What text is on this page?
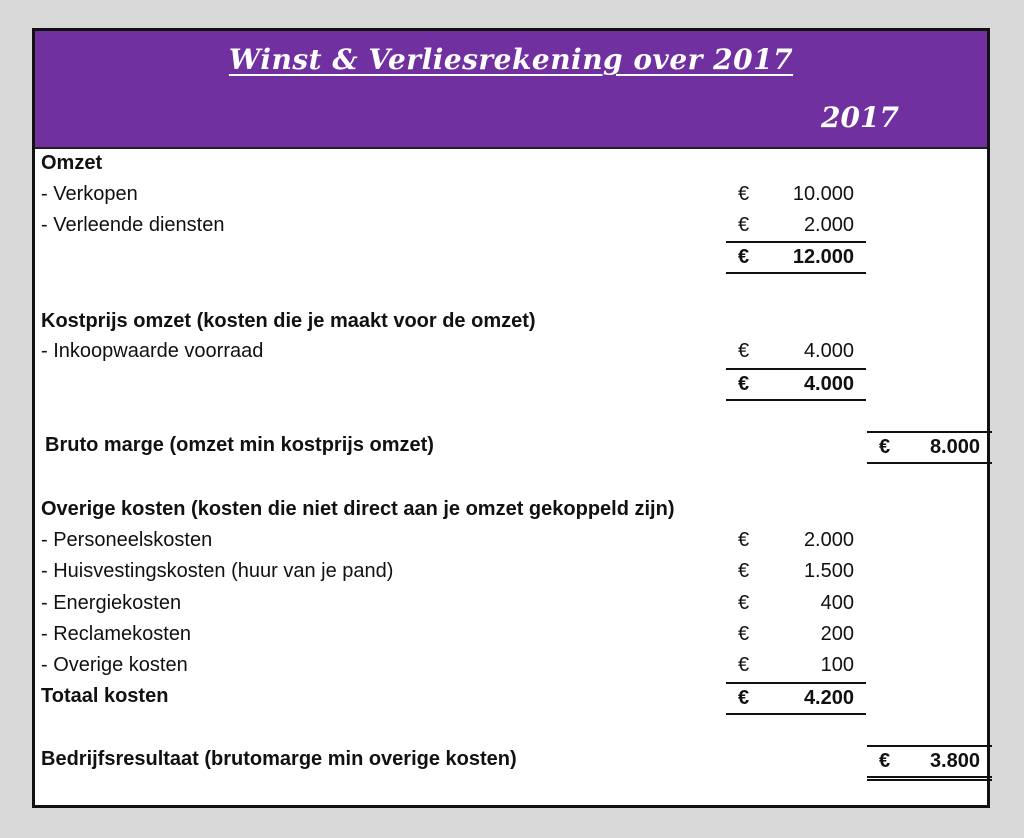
Winst & Verliesrekening over 2017
2017
Omzet
- Verkopen	€ 10.000
- Verleende diensten	€	2.000
€ 12.000
Kostprijs omzet (kosten die je maakt voor de omzet)
- Inkoopwaarde voorraad	€	4.000
€	4.000
Bruto marge (omzet min kostprijs omzet)	€ 8.000
Overige kosten (kosten die niet direct aan je omzet gekoppeld zijn)
- Personeelskosten	€	2.000
- Huisvestingskosten (huur van je pand)	€	1.500
- Energiekosten	€	400
- Reclamekosten	€	200
- Overige kosten	€	100
Totaal kosten	€	4.200
Bedrijfsresultaat (brutomarge min overige kosten)	€ 3.800
